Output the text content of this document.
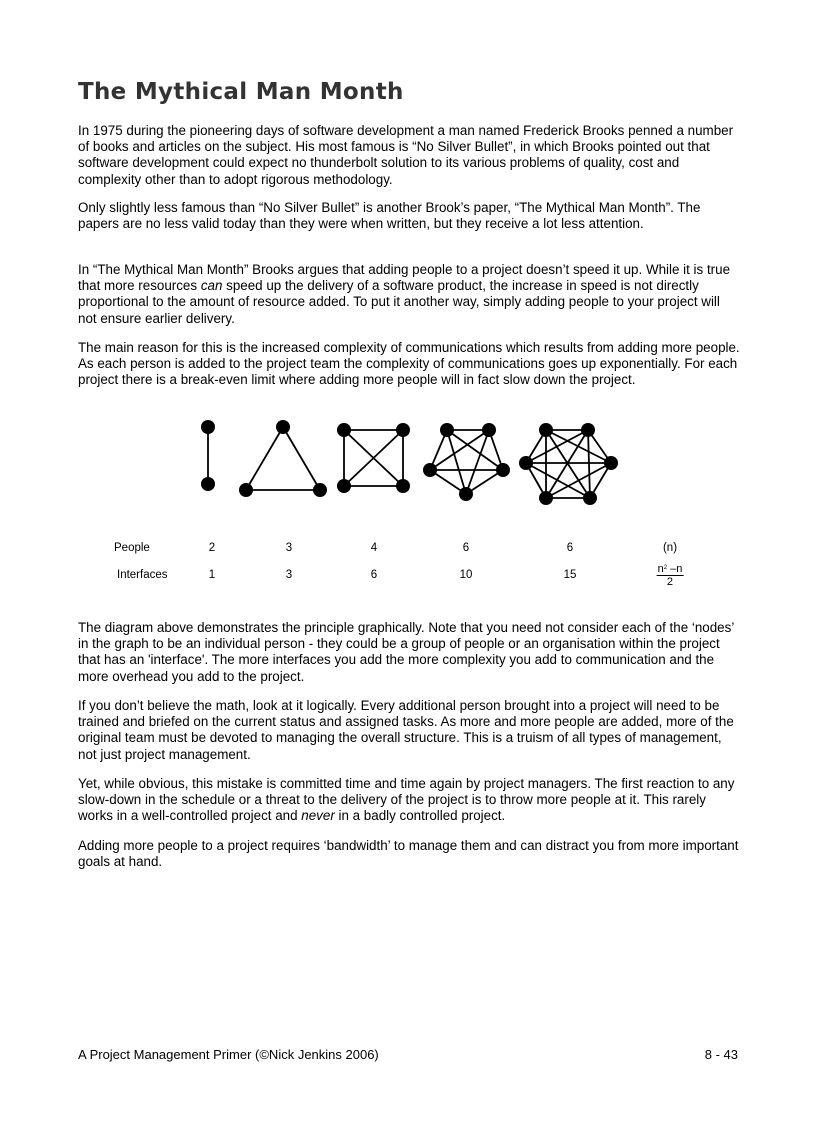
The Mythical Man Month

In 1975 during the pioneering days of software development a man named Frederick Brooks penned a number of books and articles on the subject. His most famous is “No Silver Bullet”, in which Brooks pointed out that software development could expect no thunderbolt solution to its various problems of quality, cost and complexity other than to adopt rigorous methodology.

Only slightly less famous than “No Silver Bullet” is another Brook’s paper, “The Mythical Man Month”. The papers are no less valid today than they were when written, but they receive a lot less attention.

In “The Mythical Man Month” Brooks argues that adding people to a project doesn’t speed it up. While it is true that more resources can speed up the delivery of a software product, the increase in speed is not directly proportional to the amount of resource added. To put it another way, simply adding people to your project will not ensure earlier delivery.

The main reason for this is the increased complexity of communications which results from adding more people. As each person is added to the project team the complexity of communications goes up exponentially. For each project there is a break-even limit where adding more people will in fact slow down the project.

People	2	3	4	6	6	(n)
Interfaces	1	3	6	10	15	$\frac{n^2 -n}{2}$

The diagram above demonstrates the principle graphically. Note that you need not consider each of the ‘nodes’ in the graph to be an individual person - they could be a group of people or an organisation within the project that has an 'interface'. The more interfaces you add the more complexity you add to communication and the more overhead you add to the project.

If you don’t believe the math, look at it logically. Every additional person brought into a project will need to be trained and briefed on the current status and assigned tasks. As more and more people are added, more of the original team must be devoted to managing the overall structure. This is a truism of all types of management, not just project management.

Yet, while obvious, this mistake is committed time and time again by project managers. The first reaction to any slow-down in the schedule or a threat to the delivery of the project is to throw more people at it. This rarely works in a well-controlled project and never in a badly controlled project.

Adding more people to a project requires ‘bandwidth’ to manage them and can distract you from more important goals at hand.

A Project Management Primer (©Nick Jenkins 2006)	8 - 43
